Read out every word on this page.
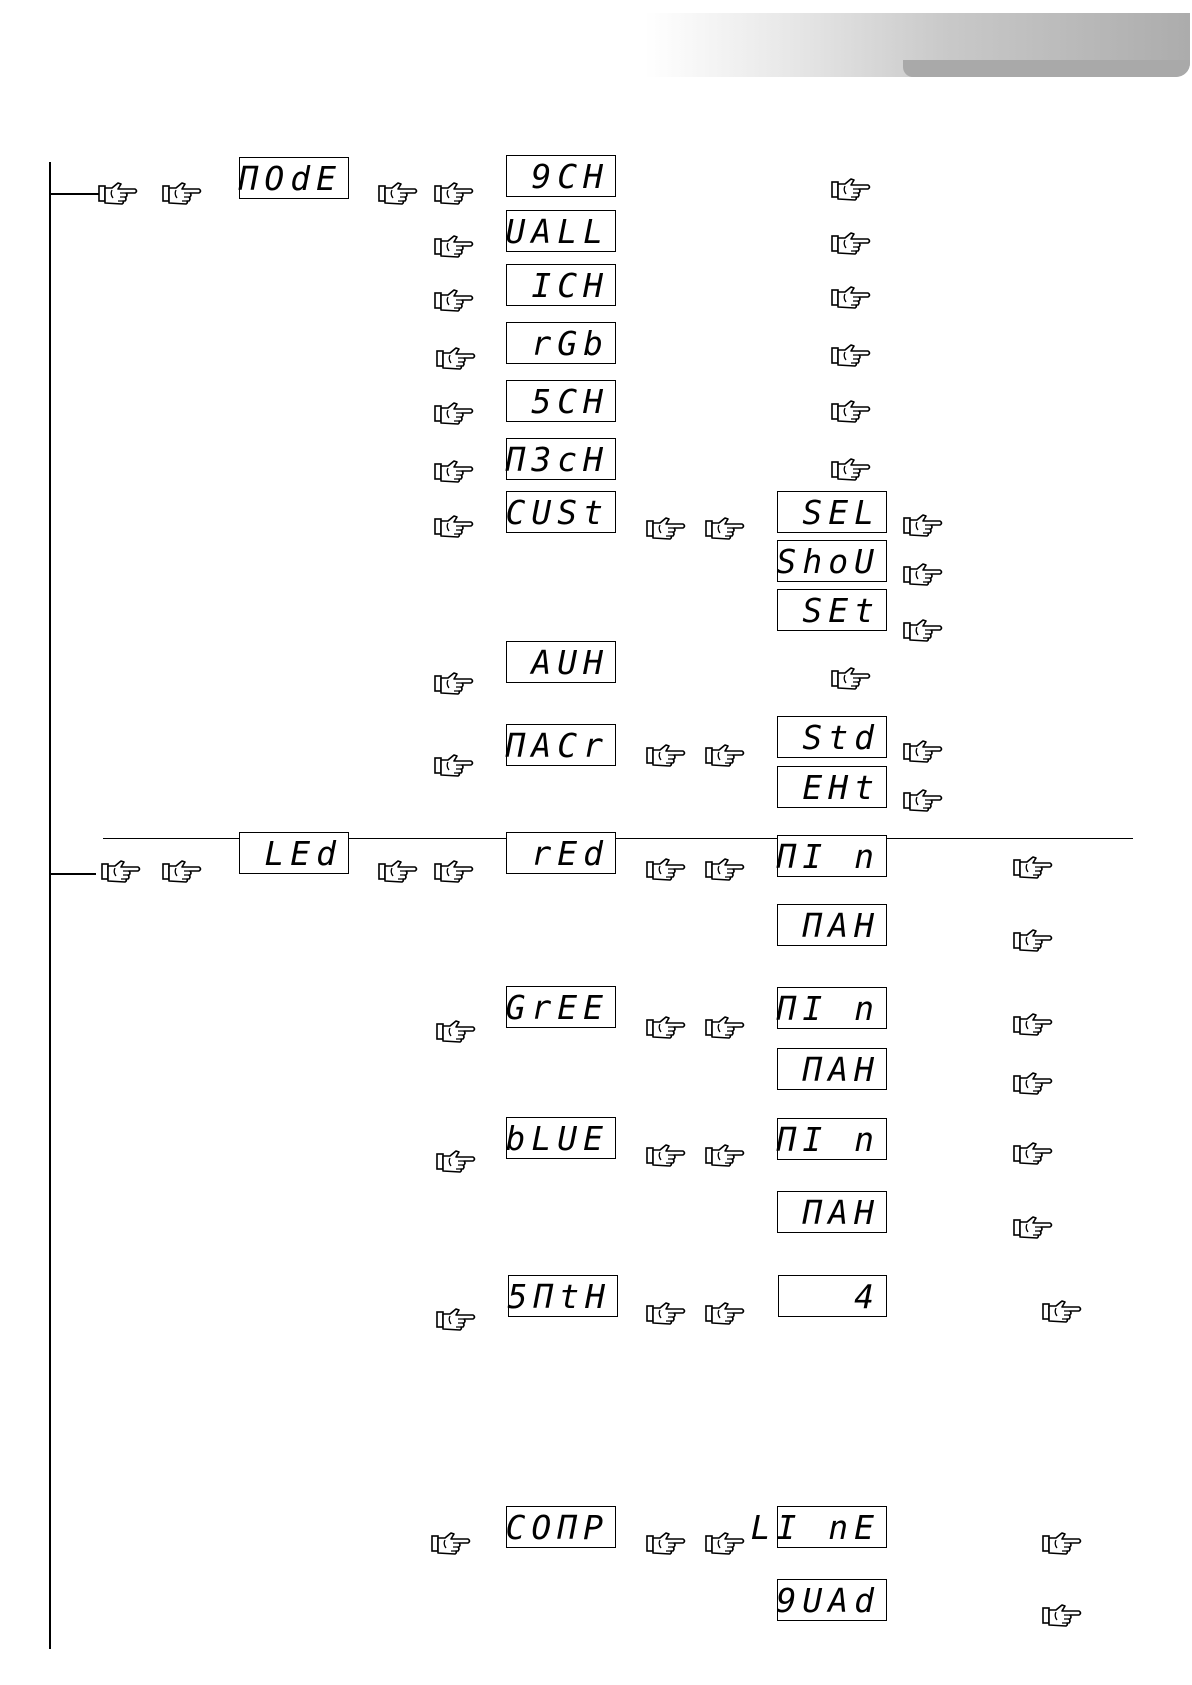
ΠOdE	9CH
UALL
ICH
rGb
5CH
Π3cH
CUSt	SEL
ShoU
SEt
AUH
ΠACr	Std
EHt
LEd	rEd	ΠI n
ΠAH
GrEE	ΠI n
ΠAH
bLUE	ΠI n
ΠAH
5ΠtH	4
COΠP	LI nE
9UAd
